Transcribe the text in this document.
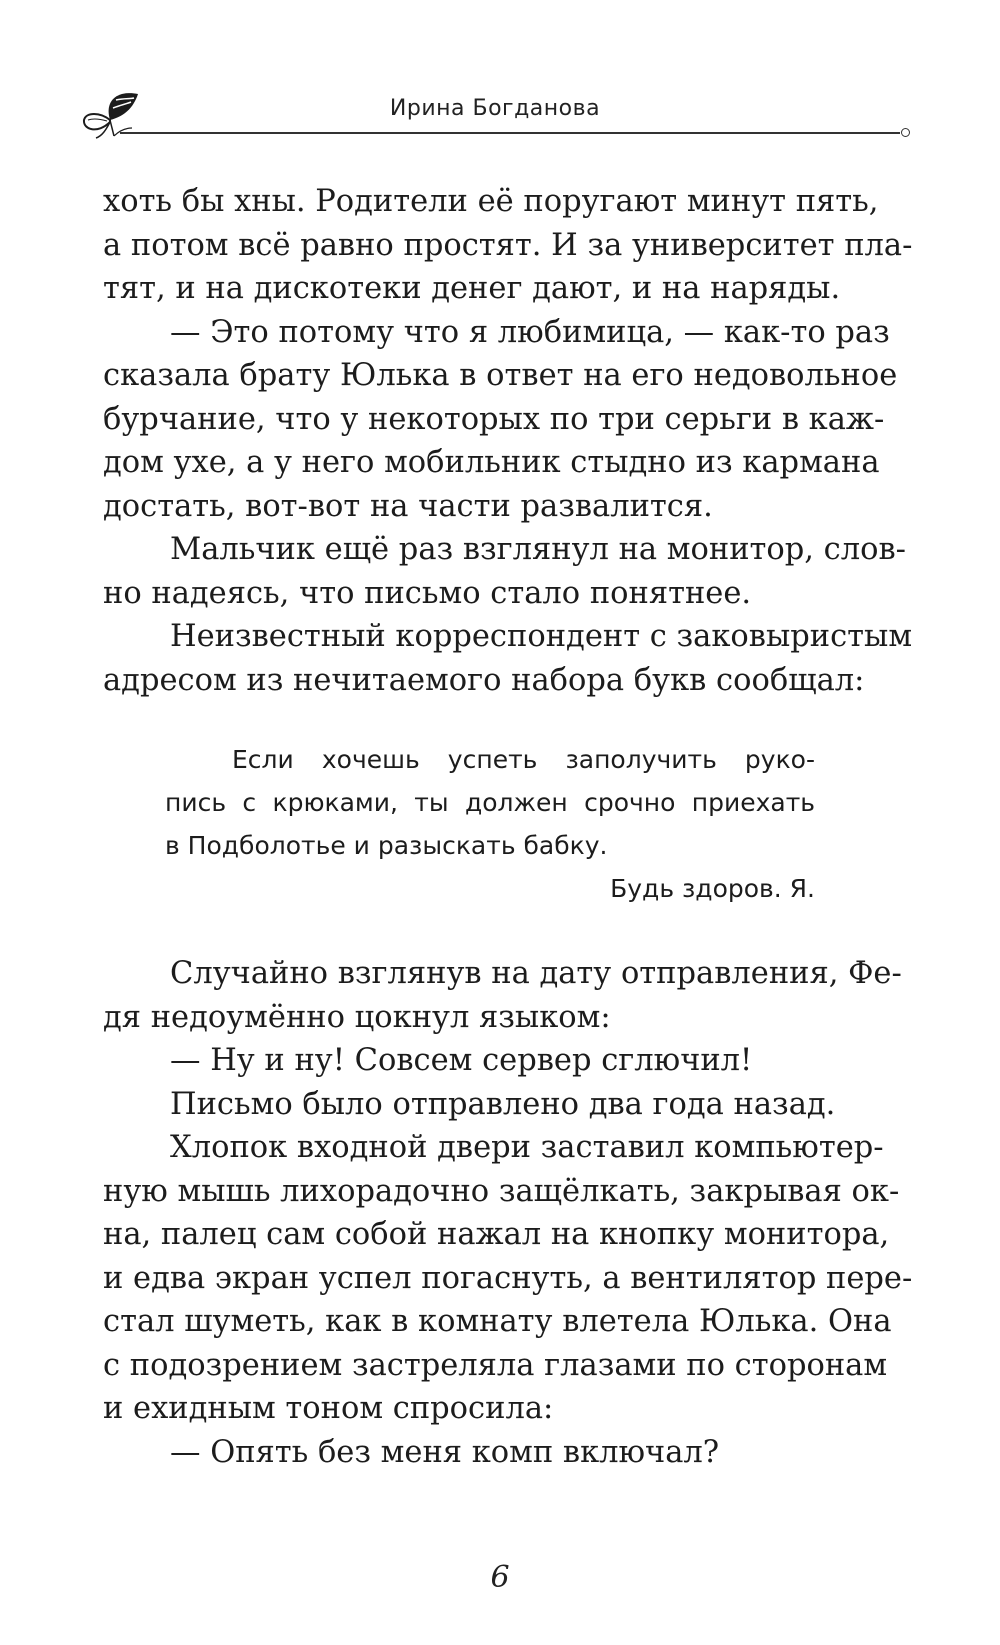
Ирина Богданова
хоть бы хны. Родители её поругают минут пять,
а потом всё равно простят. И за университет пла-
тят, и на дискотеки денег дают, и на наряды.
— Это потому что я любимица, — как-то раз
сказала брату Юлька в ответ на его недовольное
бурчание, что у некоторых по три серьги в каж-
дом ухе, а у него мобильник стыдно из кармана
достать, вот-вот на части развалится.
Мальчик ещё раз взглянул на монитор, слов-
но надеясь, что письмо стало понятнее.
Неизвестный корреспондент с заковыристым
адресом из нечитаемого набора букв сообщал:
Если хочешь успеть заполучить руко-
пись с крюками, ты должен срочно приехать
в Подболотье и разыскать бабку.
Будь здоров. Я.
Случайно взглянув на дату отправления, Фе-
дя недоумённо цокнул языком:
— Ну и ну! Совсем сервер сглючил!
Письмо было отправлено два года назад.
Хлопок входной двери заставил компьютер-
ную мышь лихорадочно защёлкать, закрывая ок-
на, палец сам собой нажал на кнопку монитора,
и едва экран успел погаснуть, а вентилятор пере-
стал шуметь, как в комнату влетела Юлька. Она
с подозрением застреляла глазами по сторонам
и ехидным тоном спросила:
— Опять без меня комп включал?
6
